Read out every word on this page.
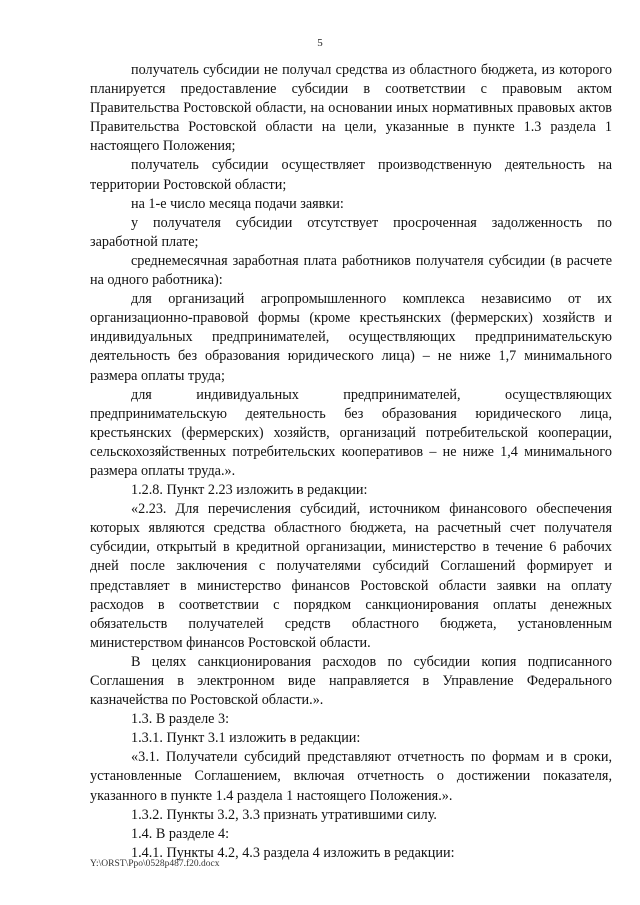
5

получатель субсидии не получал средства из областного бюджета, из которого планируется предоставление субсидии в соответствии с правовым актом Правительства Ростовской области, на основании иных нормативных правовых актов Правительства Ростовской области на цели, указанные в пункте 1.3 раздела 1 настоящего Положения;

получатель субсидии осуществляет производственную деятельность на территории Ростовской области;

на 1-е число месяца подачи заявки:

у получателя субсидии отсутствует просроченная задолженность по заработной плате;

среднемесячная заработная плата работников получателя субсидии (в расчете на одного работника):

для организаций агропромышленного комплекса независимо от их организационно-правовой формы (кроме крестьянских (фермерских) хозяйств и индивидуальных предпринимателей, осуществляющих предпринимательскую деятельность без образования юридического лица) – не ниже 1,7 минимального размера оплаты труда;

для индивидуальных предпринимателей, осуществляющих предпринимательскую деятельность без образования юридического лица, крестьянских (фермерских) хозяйств, организаций потребительской кооперации, сельскохозяйственных потребительских кооперативов – не ниже 1,4 минимального размера оплаты труда.».

1.2.8. Пункт 2.23 изложить в редакции:

«2.23. Для перечисления субсидий, источником финансового обеспечения которых являются средства областного бюджета, на расчетный счет получателя субсидии, открытый в кредитной организации, министерство в течение 6 рабочих дней после заключения с получателями субсидий Соглашений формирует и представляет в министерство финансов Ростовской области заявки на оплату расходов в соответствии с порядком санкционирования оплаты денежных обязательств получателей средств областного бюджета, установленным министерством финансов Ростовской области.

В целях санкционирования расходов по субсидии копия подписанного Соглашения в электронном виде направляется в Управление Федерального казначейства по Ростовской области.».

1.3. В разделе 3:

1.3.1. Пункт 3.1 изложить в редакции:

«3.1. Получатели субсидий представляют отчетность по формам и в сроки, установленные Соглашением, включая отчетность о достижении показателя, указанного в пункте 1.4 раздела 1 настоящего Положения.».

1.3.2. Пункты 3.2, 3.3 признать утратившими силу.

1.4. В разделе 4:

1.4.1. Пункты 4.2, 4.3 раздела 4 изложить в редакции:

Y:\ORST\Ppo\0528p487.f20.docx
